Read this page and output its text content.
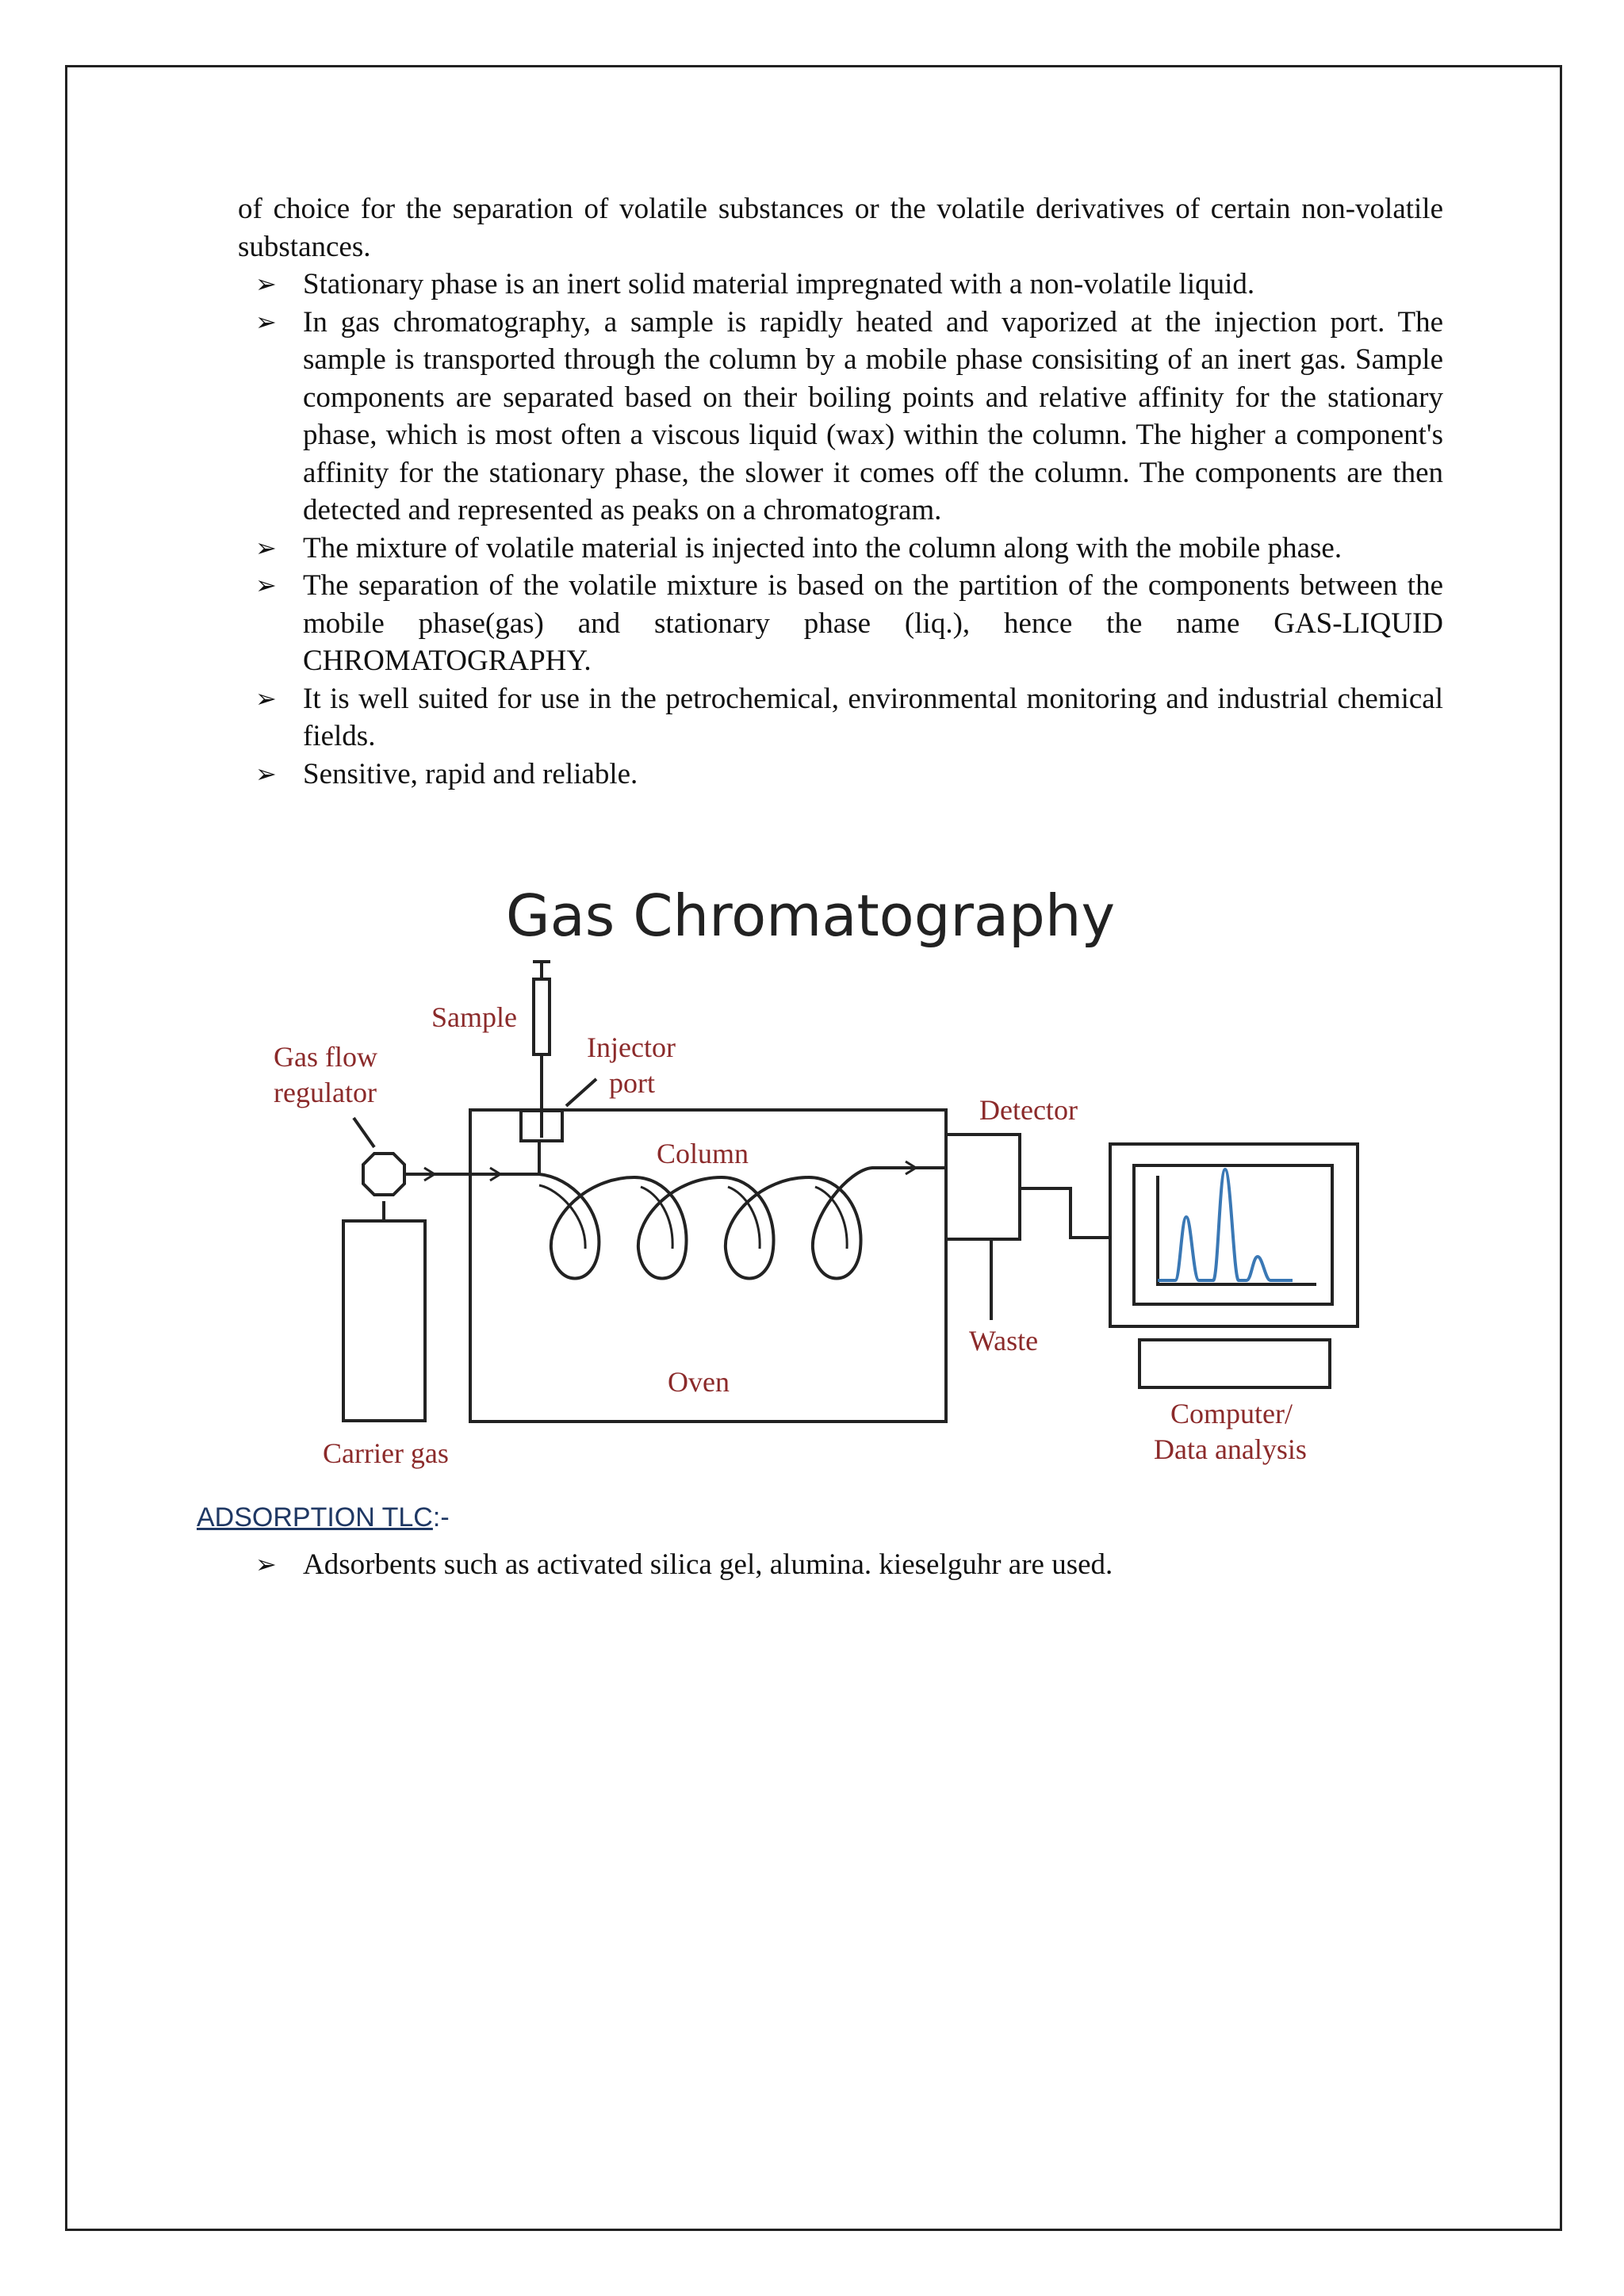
of choice for the separation of volatile substances or the volatile derivatives of certain non-volatile substances.
➢ Stationary phase is an inert solid material impregnated with a non-volatile liquid.
➢ In gas chromatography, a sample is rapidly heated and vaporized at the injection port. The sample is transported through the column by a mobile phase consisiting of an inert gas. Sample components are separated based on their boiling points and relative affinity for the stationary phase, which is most often a viscous liquid (wax) within the column. The higher a component's affinity for the stationary phase, the slower it comes off the column. The components are then detected and represented as peaks on a chromatogram.
➢ The mixture of volatile material is injected into the column along with the mobile phase.
➢ The separation of the volatile mixture is based on the partition of the components between the mobile phase(gas) and stationary phase (liq.), hence the name GAS-LIQUID CHROMATOGRAPHY.
➢ It is well suited for use in the petrochemical, environmental monitoring and industrial chemical fields.
➢ Sensitive, rapid and reliable.
Gas Chromatography
Sample
Gas flow
regulator
Injector
port
Column
Detector
Waste
Oven
Carrier gas
Computer/
Data analysis
ADSORPTION TLC:-
➢ Adsorbents such as activated silica gel, alumina. kieselguhr are used.
